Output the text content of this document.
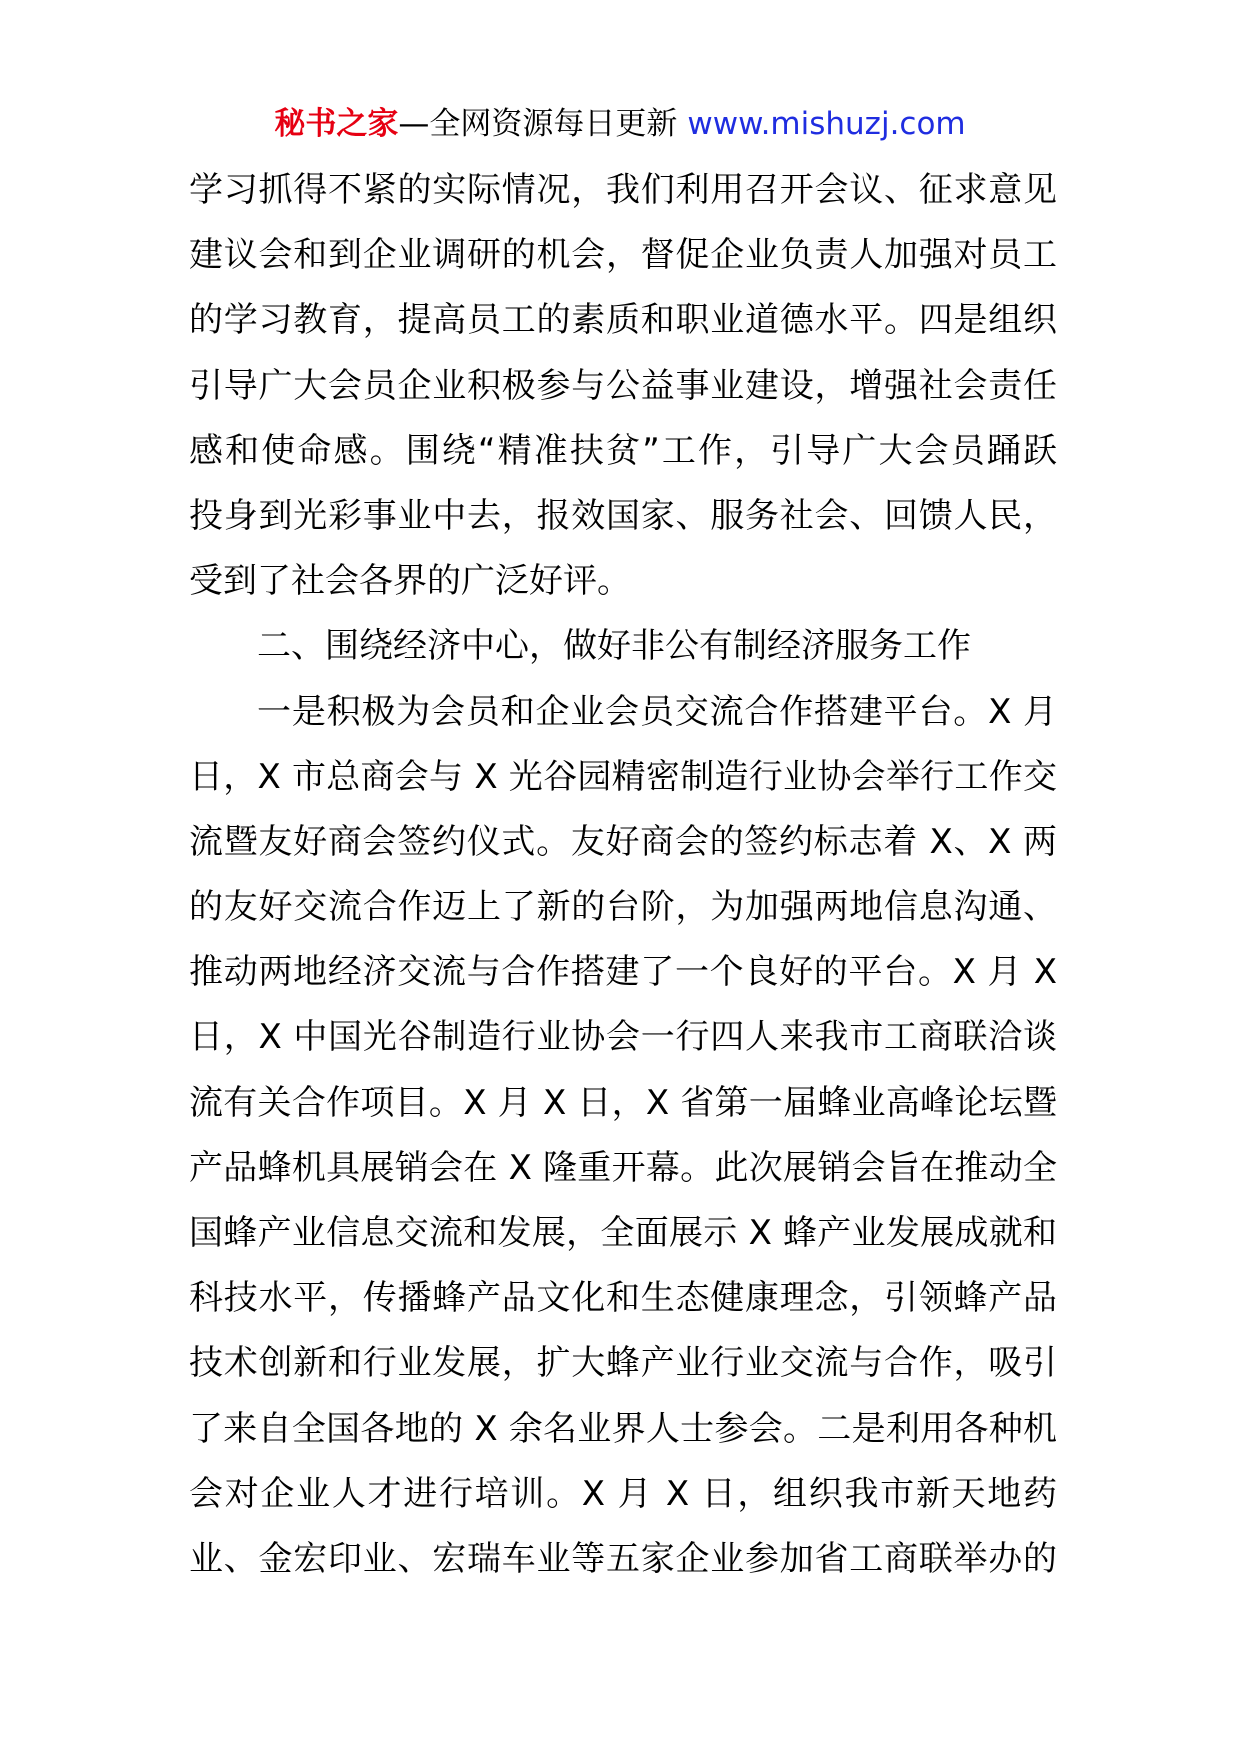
秘书之家—全网资源每日更新 www.mishuzj.com
学习抓得不紧的实际情况，我们利用召开会议、征求意见
建议会和到企业调研的机会，督促企业负责人加强对员工
的学习教育，提高员工的素质和职业道德水平。四是组织
引导广大会员企业积极参与公益事业建设，增强社会责任
感和使命感。围绕“精准扶贫”工作，引导广大会员踊跃
投身到光彩事业中去，报效国家、服务社会、回馈人民，
受到了社会各界的广泛好评。
二、围绕经济中心，做好非公有制经济服务工作
一是积极为会员和企业会员交流合作搭建平台。X 月
日，X 市总商会与 X 光谷园精密制造行业协会举行工作交
流暨友好商会签约仪式。友好商会的签约标志着 X、X 两
的友好交流合作迈上了新的台阶，为加强两地信息沟通、
推动两地经济交流与合作搭建了一个良好的平台。X 月 X
日，X 中国光谷制造行业协会一行四人来我市工商联洽谈
流有关合作项目。X 月 X 日，X 省第一届蜂业高峰论坛暨
产品蜂机具展销会在 X 隆重开幕。此次展销会旨在推动全
国蜂产业信息交流和发展，全面展示 X 蜂产业发展成就和
科技水平，传播蜂产品文化和生态健康理念，引领蜂产品
技术创新和行业发展，扩大蜂产业行业交流与合作，吸引
了来自全国各地的 X 余名业界人士参会。二是利用各种机
会对企业人才进行培训。X 月 X 日，组织我市新天地药
业、金宏印业、宏瑞车业等五家企业参加省工商联举办的
